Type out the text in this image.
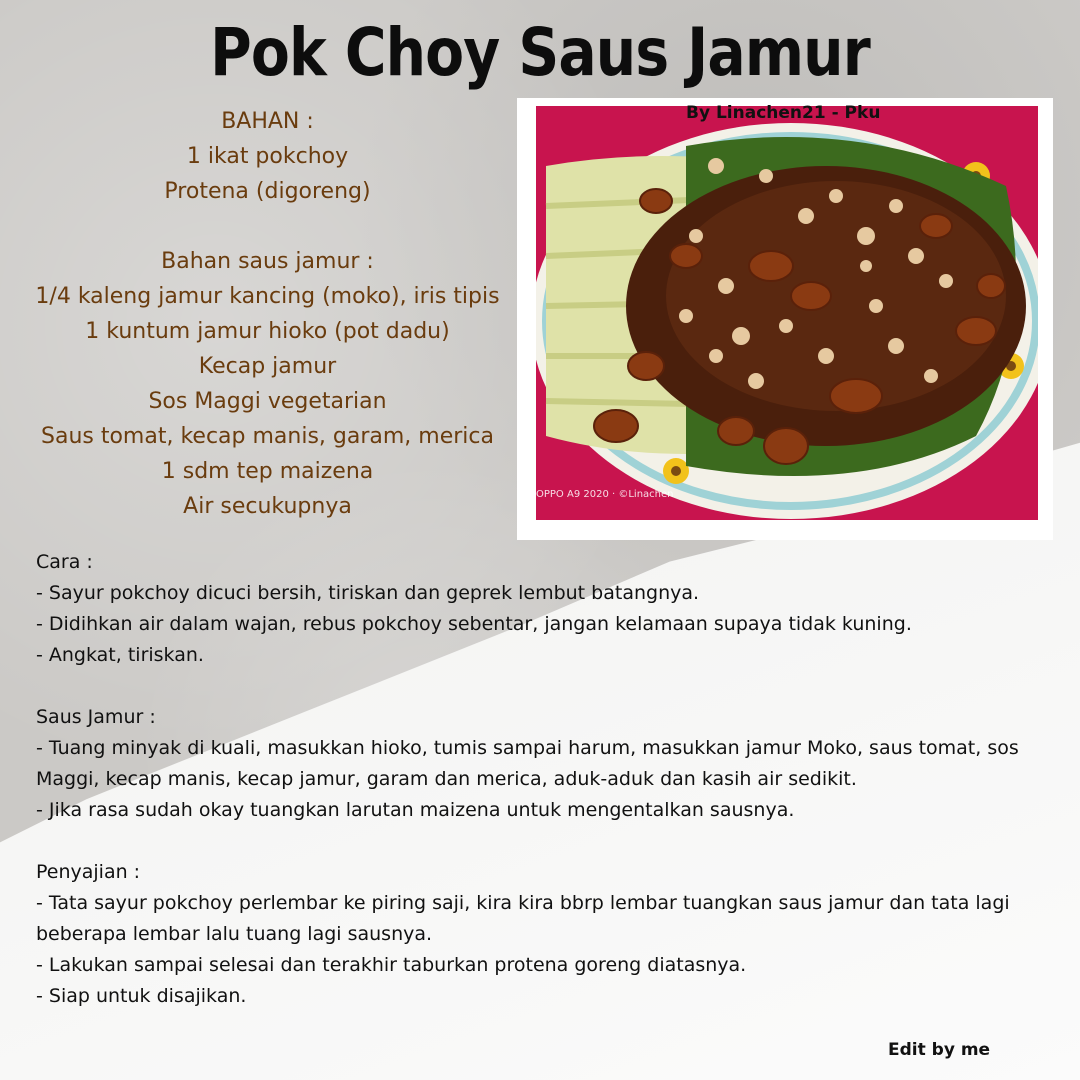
Pok Choy Saus Jamur
BAHAN :
1 ikat pokchoy
Protena (digoreng)
Bahan saus jamur :
1/4 kaleng jamur kancing (moko), iris tipis
1 kuntum jamur hioko (pot dadu)
Kecap jamur
Sos Maggi vegetarian
Saus tomat, kecap manis, garam, merica
1 sdm tep maizena
Air secukupnya
By Linachen21 - Pku
OPPO A9 2020 · ©Linachen

Cara :

- Sayur pokchoy dicuci bersih, tiriskan dan geprek lembut batangnya.

- Didihkan air dalam wajan, rebus pokchoy sebentar, jangan kelamaan supaya tidak kuning.

- Angkat, tiriskan.

Saus Jamur :

- Tuang minyak di kuali, masukkan hioko, tumis sampai harum, masukkan jamur Moko, saus tomat, sos Maggi, kecap manis, kecap jamur, garam dan merica, aduk-aduk dan kasih air sedikit.

- Jika rasa sudah okay tuangkan larutan maizena untuk mengentalkan sausnya.

Penyajian :

- Tata sayur pokchoy perlembar ke piring saji, kira kira bbrp lembar tuangkan saus jamur dan tata lagi beberapa lembar lalu tuang lagi sausnya.

- Lakukan sampai selesai dan terakhir taburkan protena goreng diatasnya.

- Siap untuk disajikan.

Edit by me
